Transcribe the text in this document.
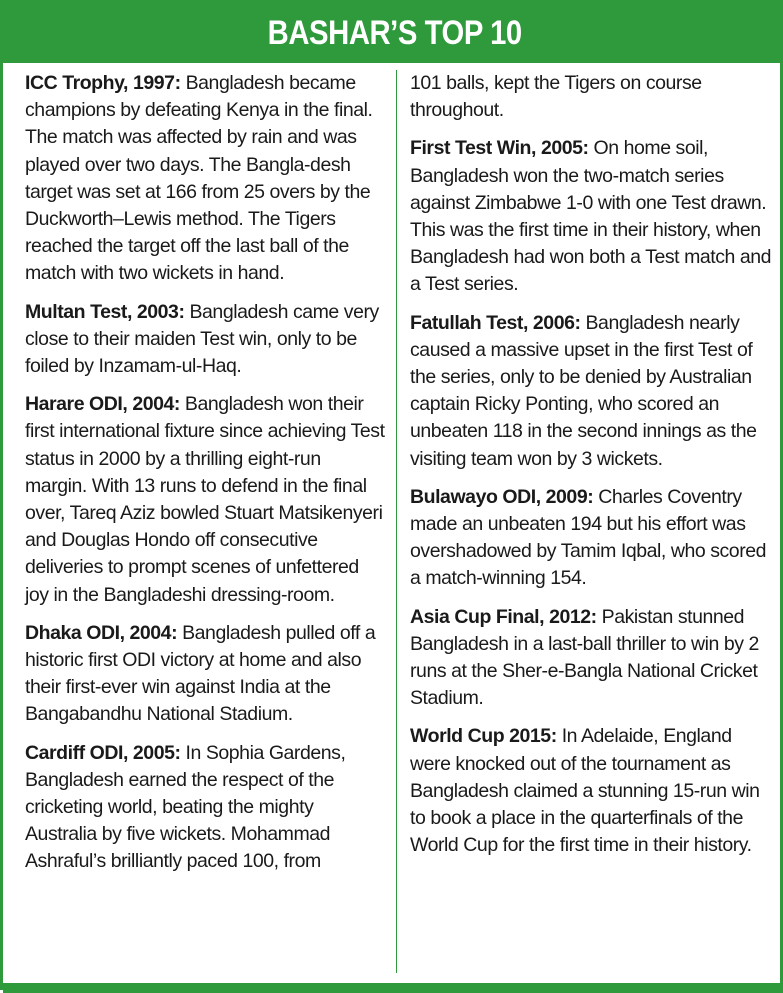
BASHAR’S TOP 10

ICC Trophy, 1997: Bangladesh became champions by defeating Kenya in the final. The match was affected by rain and was played over two days. The Bangla-desh target was set at 166 from 25 overs by the Duckworth–Lewis method. The Tigers reached the target off the last ball of the match with two wickets in hand.

Multan Test, 2003: Bangladesh came very close to their maiden Test win, only to be foiled by Inzamam-ul-Haq.

Harare ODI, 2004: Bangladesh won their first international fixture since achieving Test status in 2000 by a thrilling eight-run margin. With 13 runs to defend in the final over, Tareq Aziz bowled Stuart Matsikenyeri and Douglas Hondo off consecutive deliveries to prompt scenes of unfettered joy in the Bangladeshi dressing-room.

Dhaka ODI, 2004: Bangladesh pulled off a historic first ODI victory at home and also their first-ever win against India at the Bangabandhu National Stadium.

Cardiff ODI, 2005: In Sophia Gardens, Bangladesh earned the respect of the cricketing world, beating the mighty Australia by five wickets. Mohammad Ashraful’s brilliantly paced 100, from

101 balls, kept the Tigers on course throughout.

First Test Win, 2005: On home soil, Bangladesh won the two-match series against Zimbabwe 1-0 with one Test drawn. This was the first time in their history, when Bangladesh had won both a Test match and a Test series.

Fatullah Test, 2006: Bangladesh nearly caused a massive upset in the first Test of the series, only to be denied by Australian captain Ricky Ponting, who scored an unbeaten 118 in the second innings as the visiting team won by 3 wickets.

Bulawayo ODI, 2009: Charles Coventry made an unbeaten 194 but his effort was overshadowed by Tamim Iqbal, who scored a match-winning 154.

Asia Cup Final, 2012: Pakistan stunned Bangladesh in a last-ball thriller to win by 2 runs at the Sher-e-Bangla National Cricket Stadium.

World Cup 2015: In Adelaide, England were knocked out of the tournament as Bangladesh claimed a stunning 15-run win to book a place in the quarterfinals of the World Cup for the first time in their history.
